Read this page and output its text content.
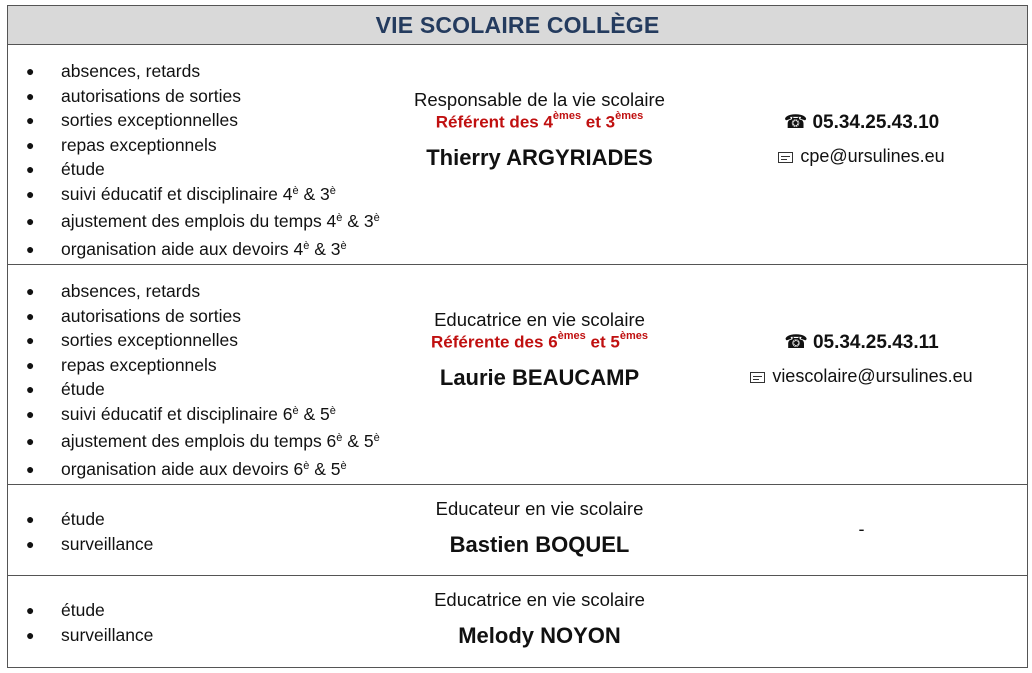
VIE SCOLAIRE COLLÈGE
● absences, retards
● autorisations de sorties
● sorties exceptionnelles
● repas exceptionnels
● étude
● suivi éducatif et disciplinaire $4^è$ & $3^è$
● ajustement des emplois du temps $4^è$ & $3^è$
● organisation aide aux devoirs $4^è$ & $3^è$
Responsable de la vie scolaire
Référent des 4èmes et 3èmes
Thierry ARGYRIADES
☎ 05.34.25.43.10
cpe@ursulines.eu
● absences, retards
● autorisations de sorties
● sorties exceptionnelles
● repas exceptionnels
● étude
● suivi éducatif et disciplinaire $6^è$ & $5^è$
● ajustement des emplois du temps $6^è$ & $5^è$
● organisation aide aux devoirs $6^è$ & $5^è$
Educatrice en vie scolaire
Référente des 6èmes et 5èmes
Laurie BEAUCAMP
☎ 05.34.25.43.11
viescolaire@ursulines.eu
● étude
● surveillance
Educateur en vie scolaire
Bastien BOQUEL
-
● étude
● surveillance
Educatrice en vie scolaire
Melody NOYON
